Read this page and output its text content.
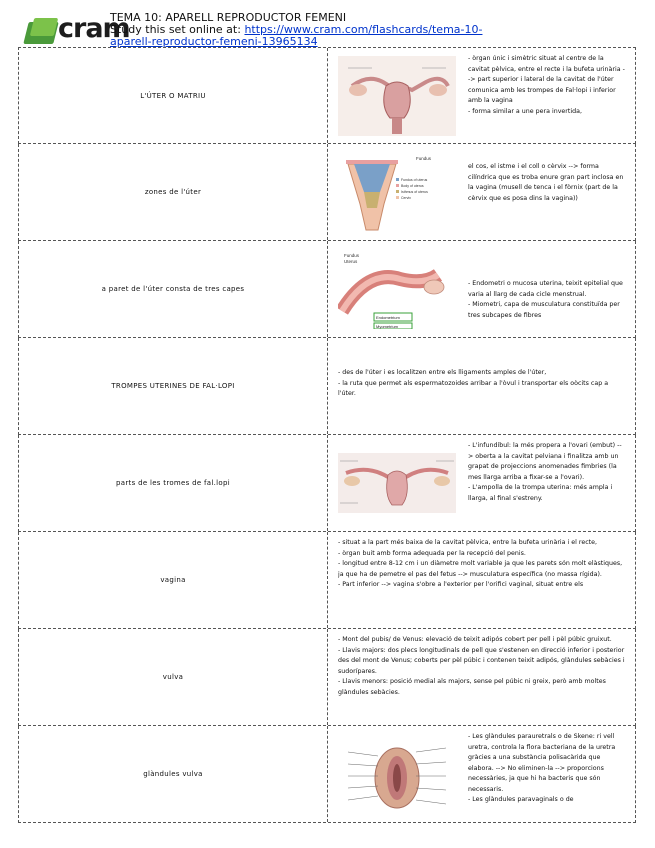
cram
TEMA 10: APARELL REPRODUCTOR FEMENI
Study this set online at: https://www.cram.com/flashcards/tema-10-aparell-reproductor-femeni-13965134
L'ÚTER O MATRIU
- òrgan únic i simètric situat al centre de la cavitat pèlvica, entre el recte i la bufeta urinària --> part superior i lateral de la cavitat de l'úter comunica amb les trompes de Fal·lopi i inferior amb la vagina
- forma similar a une pera invertida,
zones de l'úter
Fundus
Fundus of uterus
Body of uterus
Isthmus of uterus
Cervix
el cos, el istme i el coll o cèrvix --> forma cilíndrica que es troba enure gran part inclosa en la vagina (musell de tenca i el fòrnix (part de la cèrvix que es posa dins la vagina))
a paret de l'úter consta de tres capes
Fundus
Uterus
Endometrium
Myometrium
- Endometri o mucosa uterina, teixit epitelial que varia al llarg de cada cicle menstrual.
- Miometri, capa de musculatura constituïda per tres subcapes de fibres
TROMPES UTERINES DE FAL·LOPI
- des de l'úter i es localitzen entre els lligaments amples de l'úter,
- la ruta que permet als espermatozoides arribar a l'òvul i transportar els oòcits cap a l'úter.
parts de les tromes de fal.lopi
- L'infundíbul: la més propera a l'ovari (embut) --> oberta a la cavitat pelviana i finalitza amb un grapat de projeccions anomenades fimbries (la mes llarga arriba a fixar-se a l'ovari).
- L'ampolla de la trompa uterina: més ampla i llarga, al final s'estreny.
vagina
- situat a la part més baixa de la cavitat pèlvica, entre la bufeta urinària i el recte,
- òrgan buit amb forma adequada per la recepció del penis.
- longitud entre 8-12 cm i un diàmetre molt variable ja que les parets són molt elàstiques, ja que ha de pemetre el pas del fetus --> musculatura específica (no massa rígida).
- Part inferior --> vagina s'obre a l'exterior per l'orifici vaginal, situat entre els
vulva
- Mont del pubis/ de Venus: elevació de teixit adipós cobert per pell i pèl púbic gruixut.
- Llavis majors: dos plecs longitudinals de pell que s'estenen en direcció inferior i posterior des del mont de Venus; coberts per pèl púbic i contenen teixit adipós, glàndules sebàcies i sudorípares.
- Llavis menors: posició medial als majors, sense pel púbic ni greix, però amb moltes glàndules sebàcies.
glàndules vulva
- Les glàndules parauretrals o de Skene: ri vell uretra, controla la flora bacteriana de la uretra gràcies a una substància polisacàrida que elabora. --> No eliminen-la --> proporcions necessàries, ja que hi ha bacteris que són necessaris.
- Les glàndules paravaginals o de
